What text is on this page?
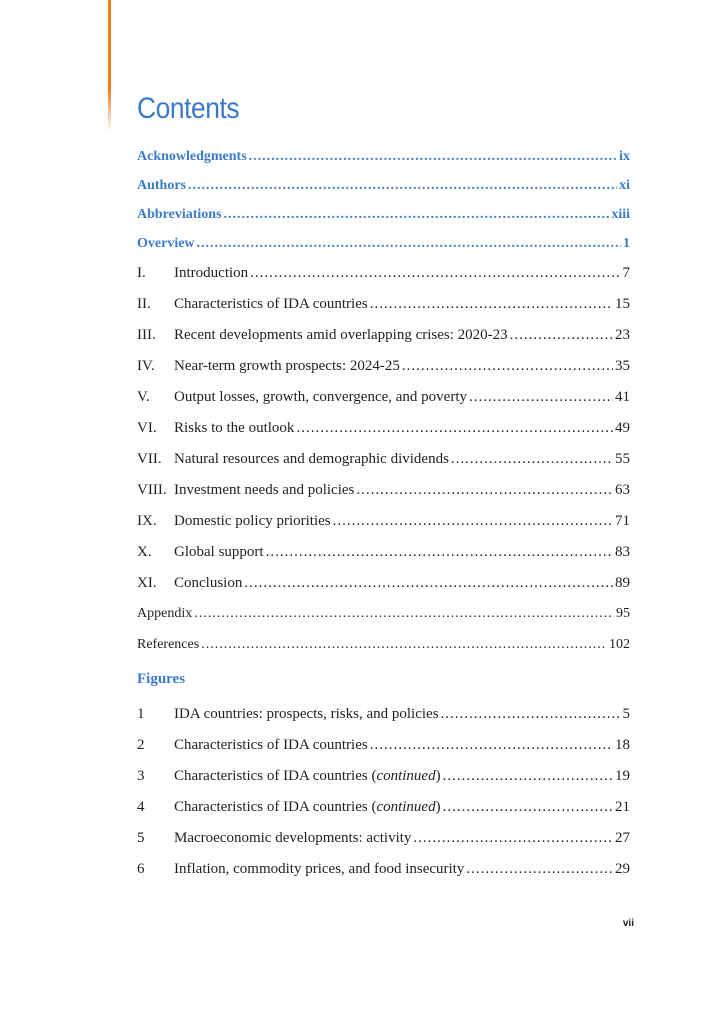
Contents
Acknowledgments .....	ix
Authors .....	xi
Abbreviations .....	xiii
Overview .....	1
I.	Introduction .....	7
II.	Characteristics of IDA countries .....	15
III.	Recent developments amid overlapping crises: 2020-23 .....	23
IV.	Near-term growth prospects: 2024-25 .....	35
V.	Output losses, growth, convergence, and poverty .....	41
VI.	Risks to the outlook .....	49
VII. Natural resources and demographic dividends .....	55
VIII. Investment needs and policies .....	63
IX.	Domestic policy priorities .....	71
X.	Global support .....	83
XI.	Conclusion .....	89
Appendix .....	95
References .....	102
Figures
1	IDA countries: prospects, risks, and policies .....	5
2	Characteristics of IDA countries .....	18
3	Characteristics of IDA countries (continued) .....	19
4	Characteristics of IDA countries (continued) .....	21
5	Macroeconomic developments: activity .....	27
6	Inflation, commodity prices, and food insecurity .....	29
vii
